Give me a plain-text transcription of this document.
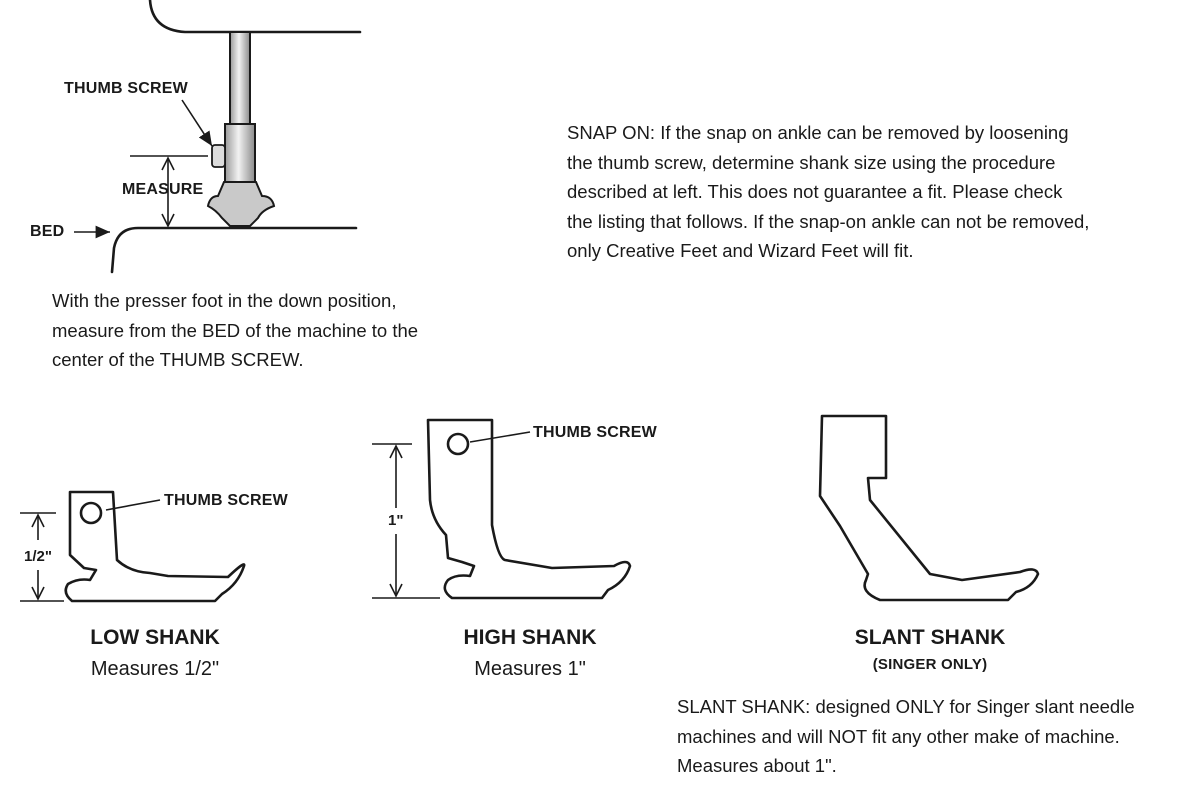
THUMB SCREW
MEASURE
BED
With the presser foot in the down position,
measure from the BED of the machine to the
center of the THUMB SCREW.
SNAP ON: If the snap on ankle can be removed by loosening
the thumb screw, determine shank size using the procedure
described at left. This does not guarantee a fit. Please check
the listing that follows. If the snap-on ankle can not be removed,
only Creative Feet and Wizard Feet will fit.
THUMB SCREW
1/2"
LOW SHANK
Measures 1/2"
THUMB SCREW
1"
HIGH SHANK
Measures 1"
SLANT SHANK
(SINGER ONLY)
SLANT SHANK: designed ONLY for Singer slant needle
machines and will NOT fit any other make of machine.
Measures about 1".
